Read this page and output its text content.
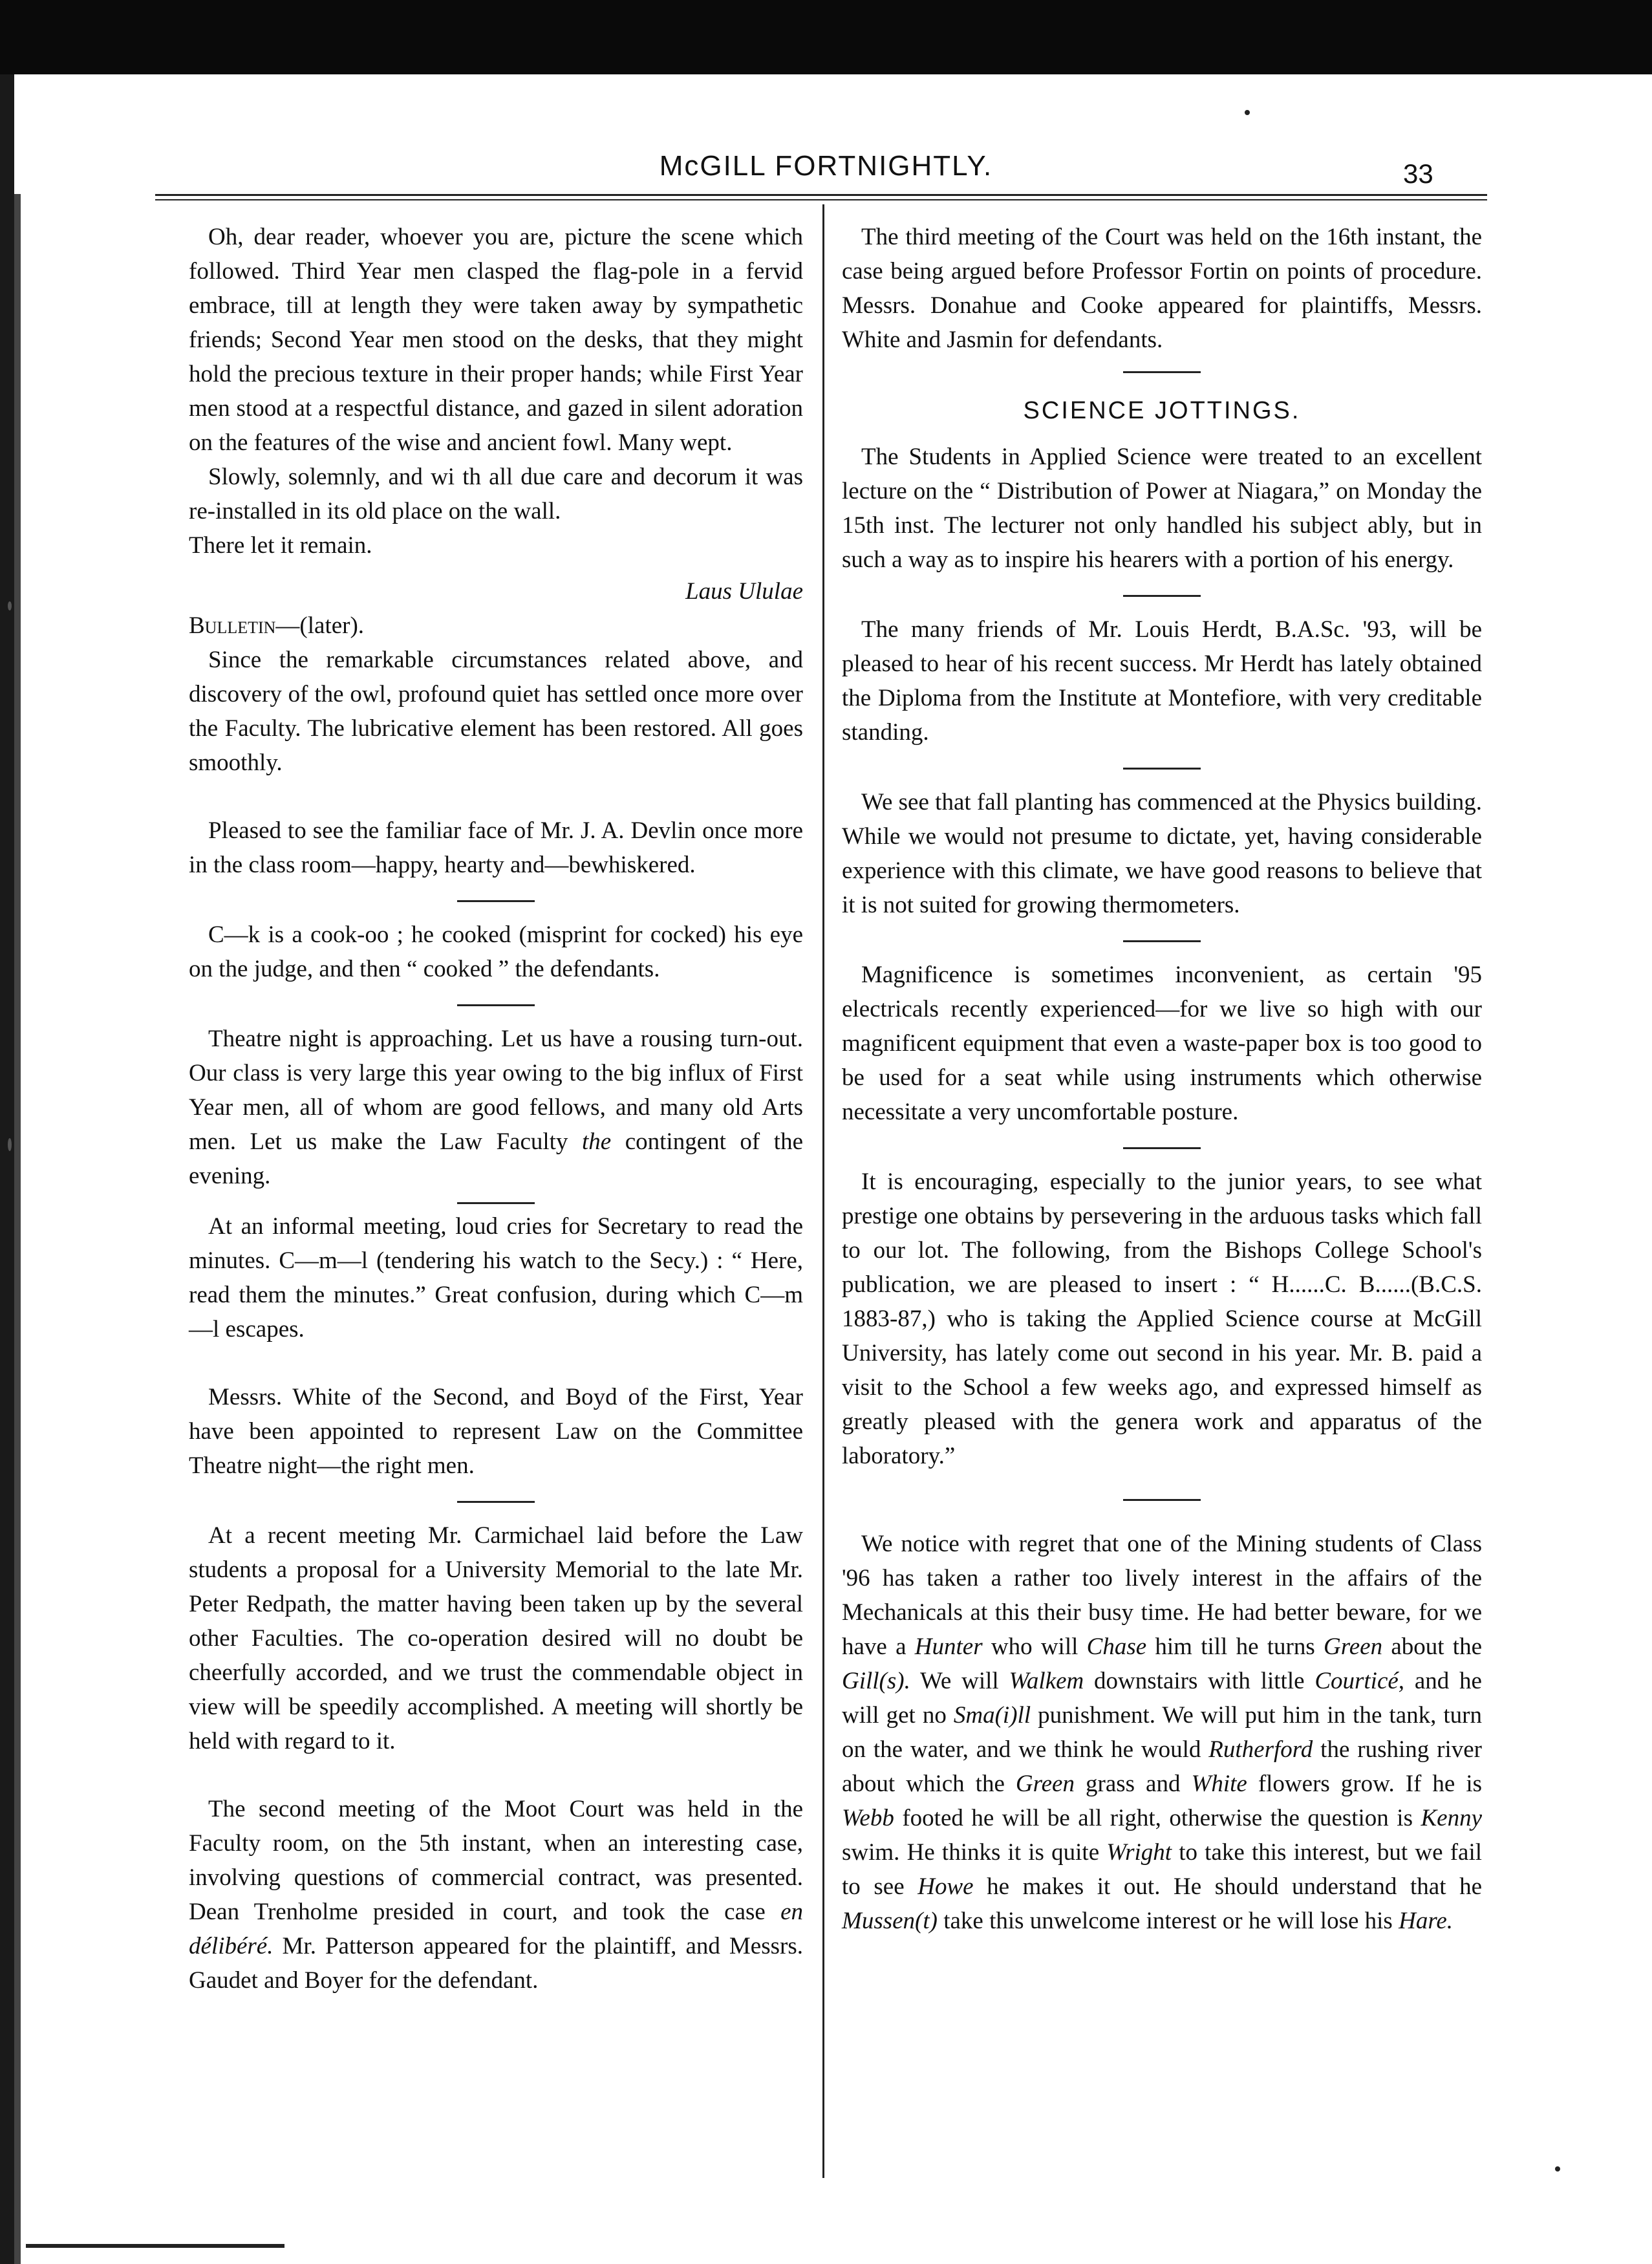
McGILL FORTNIGHTLY.	33

Oh, dear reader, whoever you are, picture the scene which followed. Third Year men clasped the flag-pole in a fervid embrace, till at length they were taken away by sympathetic friends; Second Year men stood on the desks, that they might hold the precious texture in their proper hands; while First Year men stood at a respectful distance, and gazed in silent adoration on the features of the wise and ancient fowl. Many wept.

Slowly, solemnly, and wi th all due care and decorum it was re-installed in its old place on the wall.

There let it remain.

Laus Ululae

Bulletin—(later).

Since the remarkable circumstances related above, and discovery of the owl, profound quiet has settled once more over the Faculty. The lubricative element has been restored. All goes smoothly.

Pleased to see the familiar face of Mr. J. A. Devlin once more in the class room—happy, hearty and—bewhiskered.

C—k is a cook-oo ; he cooked (misprint for cocked) his eye on the judge, and then “ cooked ” the defendants.

Theatre night is approaching. Let us have a rousing turn-out. Our class is very large this year owing to the big influx of First Year men, all of whom are good fellows, and many old Arts men. Let us make the Law Faculty the contingent of the evening.

At an informal meeting, loud cries for Secretary to read the minutes. C—m—l (tendering his watch to the Secy.) : “ Here, read them the minutes.” Great confusion, during which C—m—l escapes.

Messrs. White of the Second, and Boyd of the First, Year have been appointed to represent Law on the Committee Theatre night—the right men.

At a recent meeting Mr. Carmichael laid before the Law students a proposal for a University Memorial to the late Mr. Peter Redpath, the matter having been taken up by the several other Faculties. The co-operation desired will no doubt be cheerfully accorded, and we trust the commendable object in view will be speedily accomplished. A meeting will shortly be held with regard to it.

The second meeting of the Moot Court was held in the Faculty room, on the 5th instant, when an interesting case, involving questions of commercial contract, was presented. Dean Trenholme presided in court, and took the case en délibéré. Mr. Patterson appeared for the plaintiff, and Messrs. Gaudet and Boyer for the defendant.

The third meeting of the Court was held on the 16th instant, the case being argued before Professor Fortin on points of procedure. Messrs. Donahue and Cooke appeared for plaintiffs, Messrs. White and Jasmin for defendants.

SCIENCE JOTTINGS.

The Students in Applied Science were treated to an excellent lecture on the “ Distribution of Power at Niagara,” on Monday the 15th inst. The lecturer not only handled his subject ably, but in such a way as to inspire his hearers with a portion of his energy.

The many friends of Mr. Louis Herdt, B.A.Sc. '93, will be pleased to hear of his recent success. Mr Herdt has lately obtained the Diploma from the Institute at Montefiore, with very creditable standing.

We see that fall planting has commenced at the Physics building. While we would not presume to dictate, yet, having considerable experience with this climate, we have good reasons to believe that it is not suited for growing thermometers.

Magnificence is sometimes inconvenient, as certain '95 electricals recently experienced—for we live so high with our magnificent equipment that even a waste-paper box is too good to be used for a seat while using instruments which otherwise necessitate a very uncomfortable posture.

It is encouraging, especially to the junior years, to see what prestige one obtains by persevering in the arduous tasks which fall to our lot. The following, from the Bishops College School's publication, we are pleased to insert : “ H......C. B......(B.C.S. 1883-87,) who is taking the Applied Science course at McGill University, has lately come out second in his year. Mr. B. paid a visit to the School a few weeks ago, and expressed himself as greatly pleased with the genera work and apparatus of the laboratory.”

We notice with regret that one of the Mining students of Class '96 has taken a rather too lively interest in the affairs of the Mechanicals at this their busy time. He had better beware, for we have a Hunter who will Chase him till he turns Green about the Gill(s). We will Walkem downstairs with little Courticé, and he will get no Sma(i)ll punishment. We will put him in the tank, turn on the water, and we think he would Rutherford the rushing river about which the Green grass and White flowers grow. If he is Webb footed he will be all right, otherwise the question is Kenny swim. He thinks it is quite Wright to take this interest, but we fail to see Howe he makes it out. He should understand that he Mussen(t) take this unwelcome interest or he will lose his Hare.
